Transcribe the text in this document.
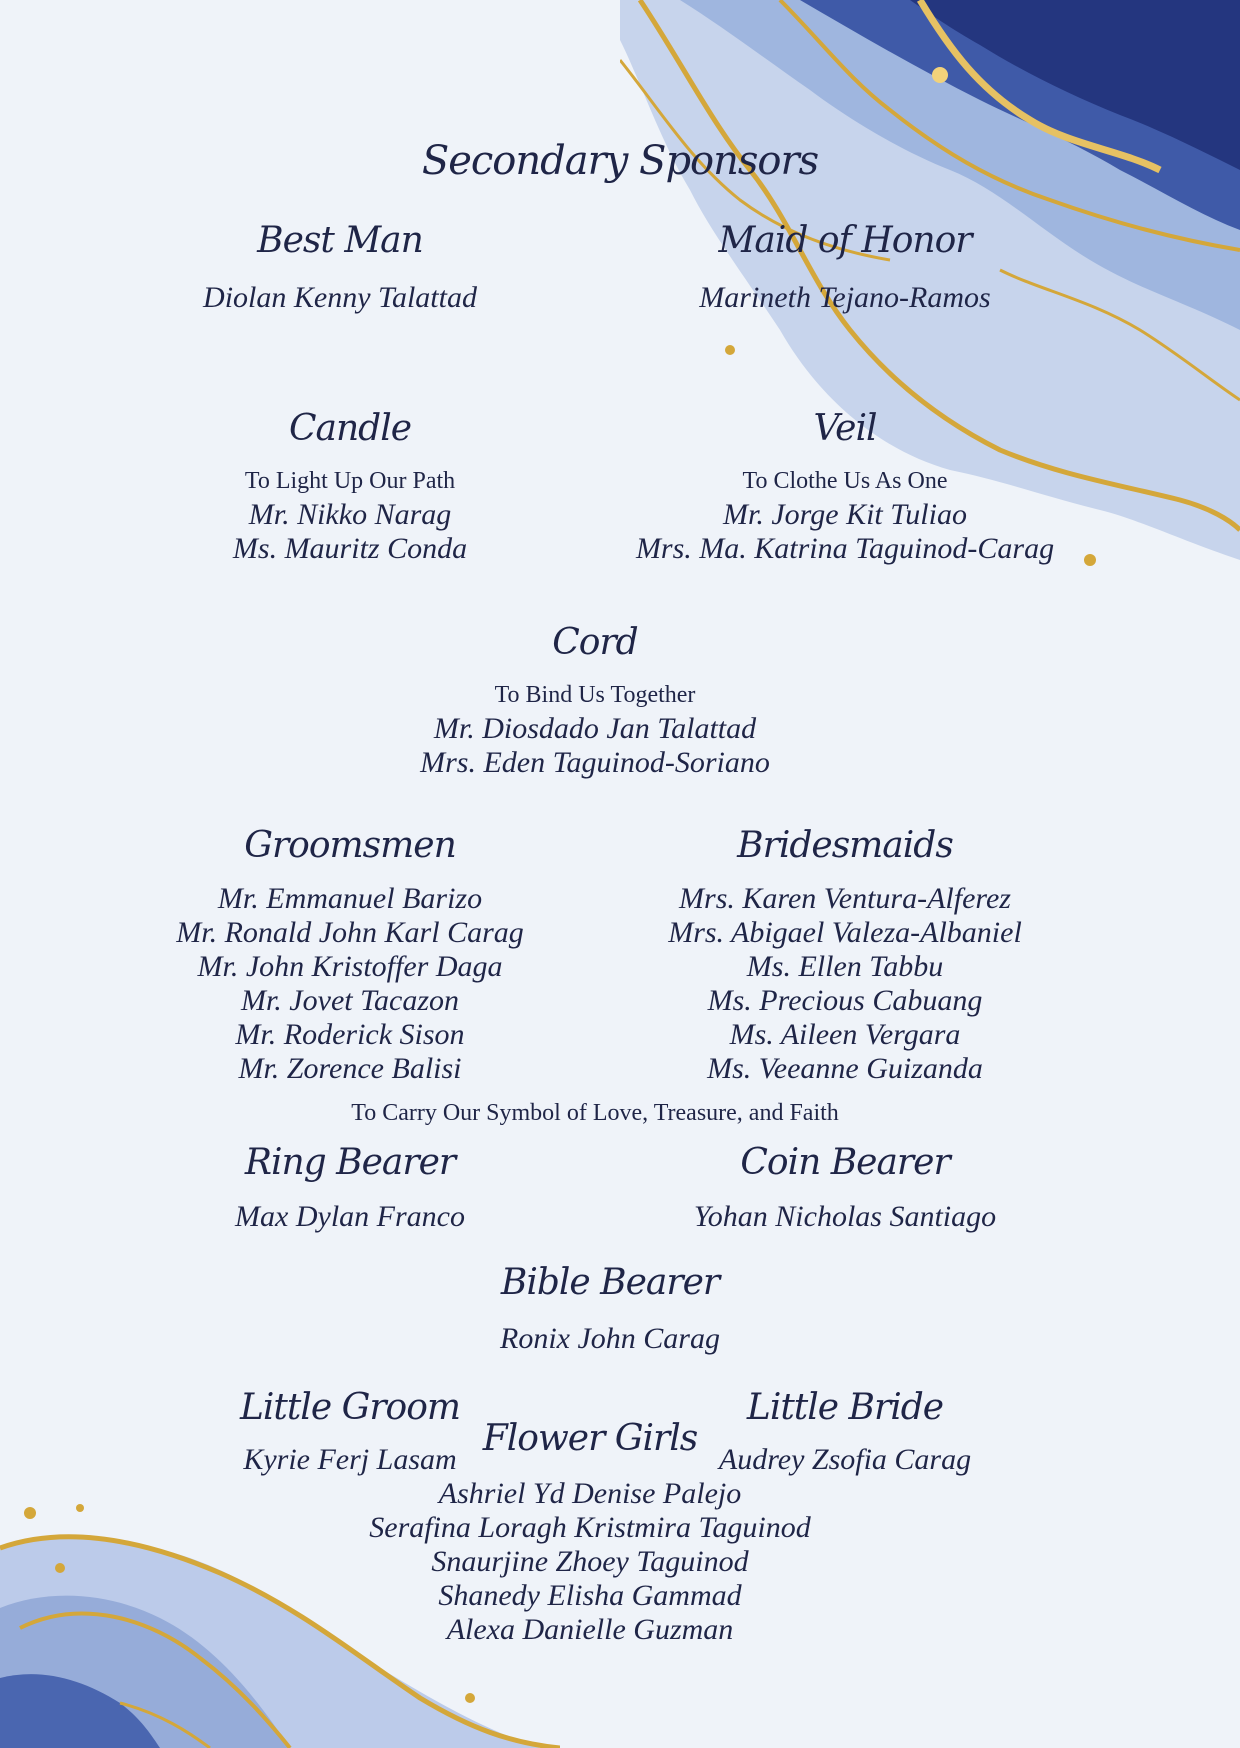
Secondary Sponsors
Best Man
Diolan Kenny Talattad
Maid of Honor
Marineth Tejano-Ramos
Candle
To Light Up Our Path
Mr. Nikko Narag
Ms. Mauritz Conda
Veil
To Clothe Us As One
Mr. Jorge Kit Tuliao
Mrs. Ma. Katrina Taguinod-Carag
Cord
To Bind Us Together
Mr. Diosdado Jan Talattad
Mrs. Eden Taguinod-Soriano
Groomsmen
Mr. Emmanuel Barizo
Mr. Ronald John Karl Carag
Mr. John Kristoffer Daga
Mr. Jovet Tacazon
Mr. Roderick Sison
Mr. Zorence Balisi
Bridesmaids
Mrs. Karen Ventura-Alferez
Mrs. Abigael Valeza-Albaniel
Ms. Ellen Tabbu
Ms. Precious Cabuang
Ms. Aileen Vergara
Ms. Veeanne Guizanda
To Carry Our Symbol of Love, Treasure, and Faith
Ring Bearer
Max Dylan Franco
Coin Bearer
Yohan Nicholas Santiago
Bible Bearer
Ronix John Carag
Little Groom
Kyrie Ferj Lasam
Little Bride
Audrey Zsofia Carag
Flower Girls
Ashriel Yd Denise Palejo
Serafina Loragh Kristmira Taguinod
Snaurjine Zhoey Taguinod
Shanedy Elisha Gammad
Alexa Danielle Guzman
